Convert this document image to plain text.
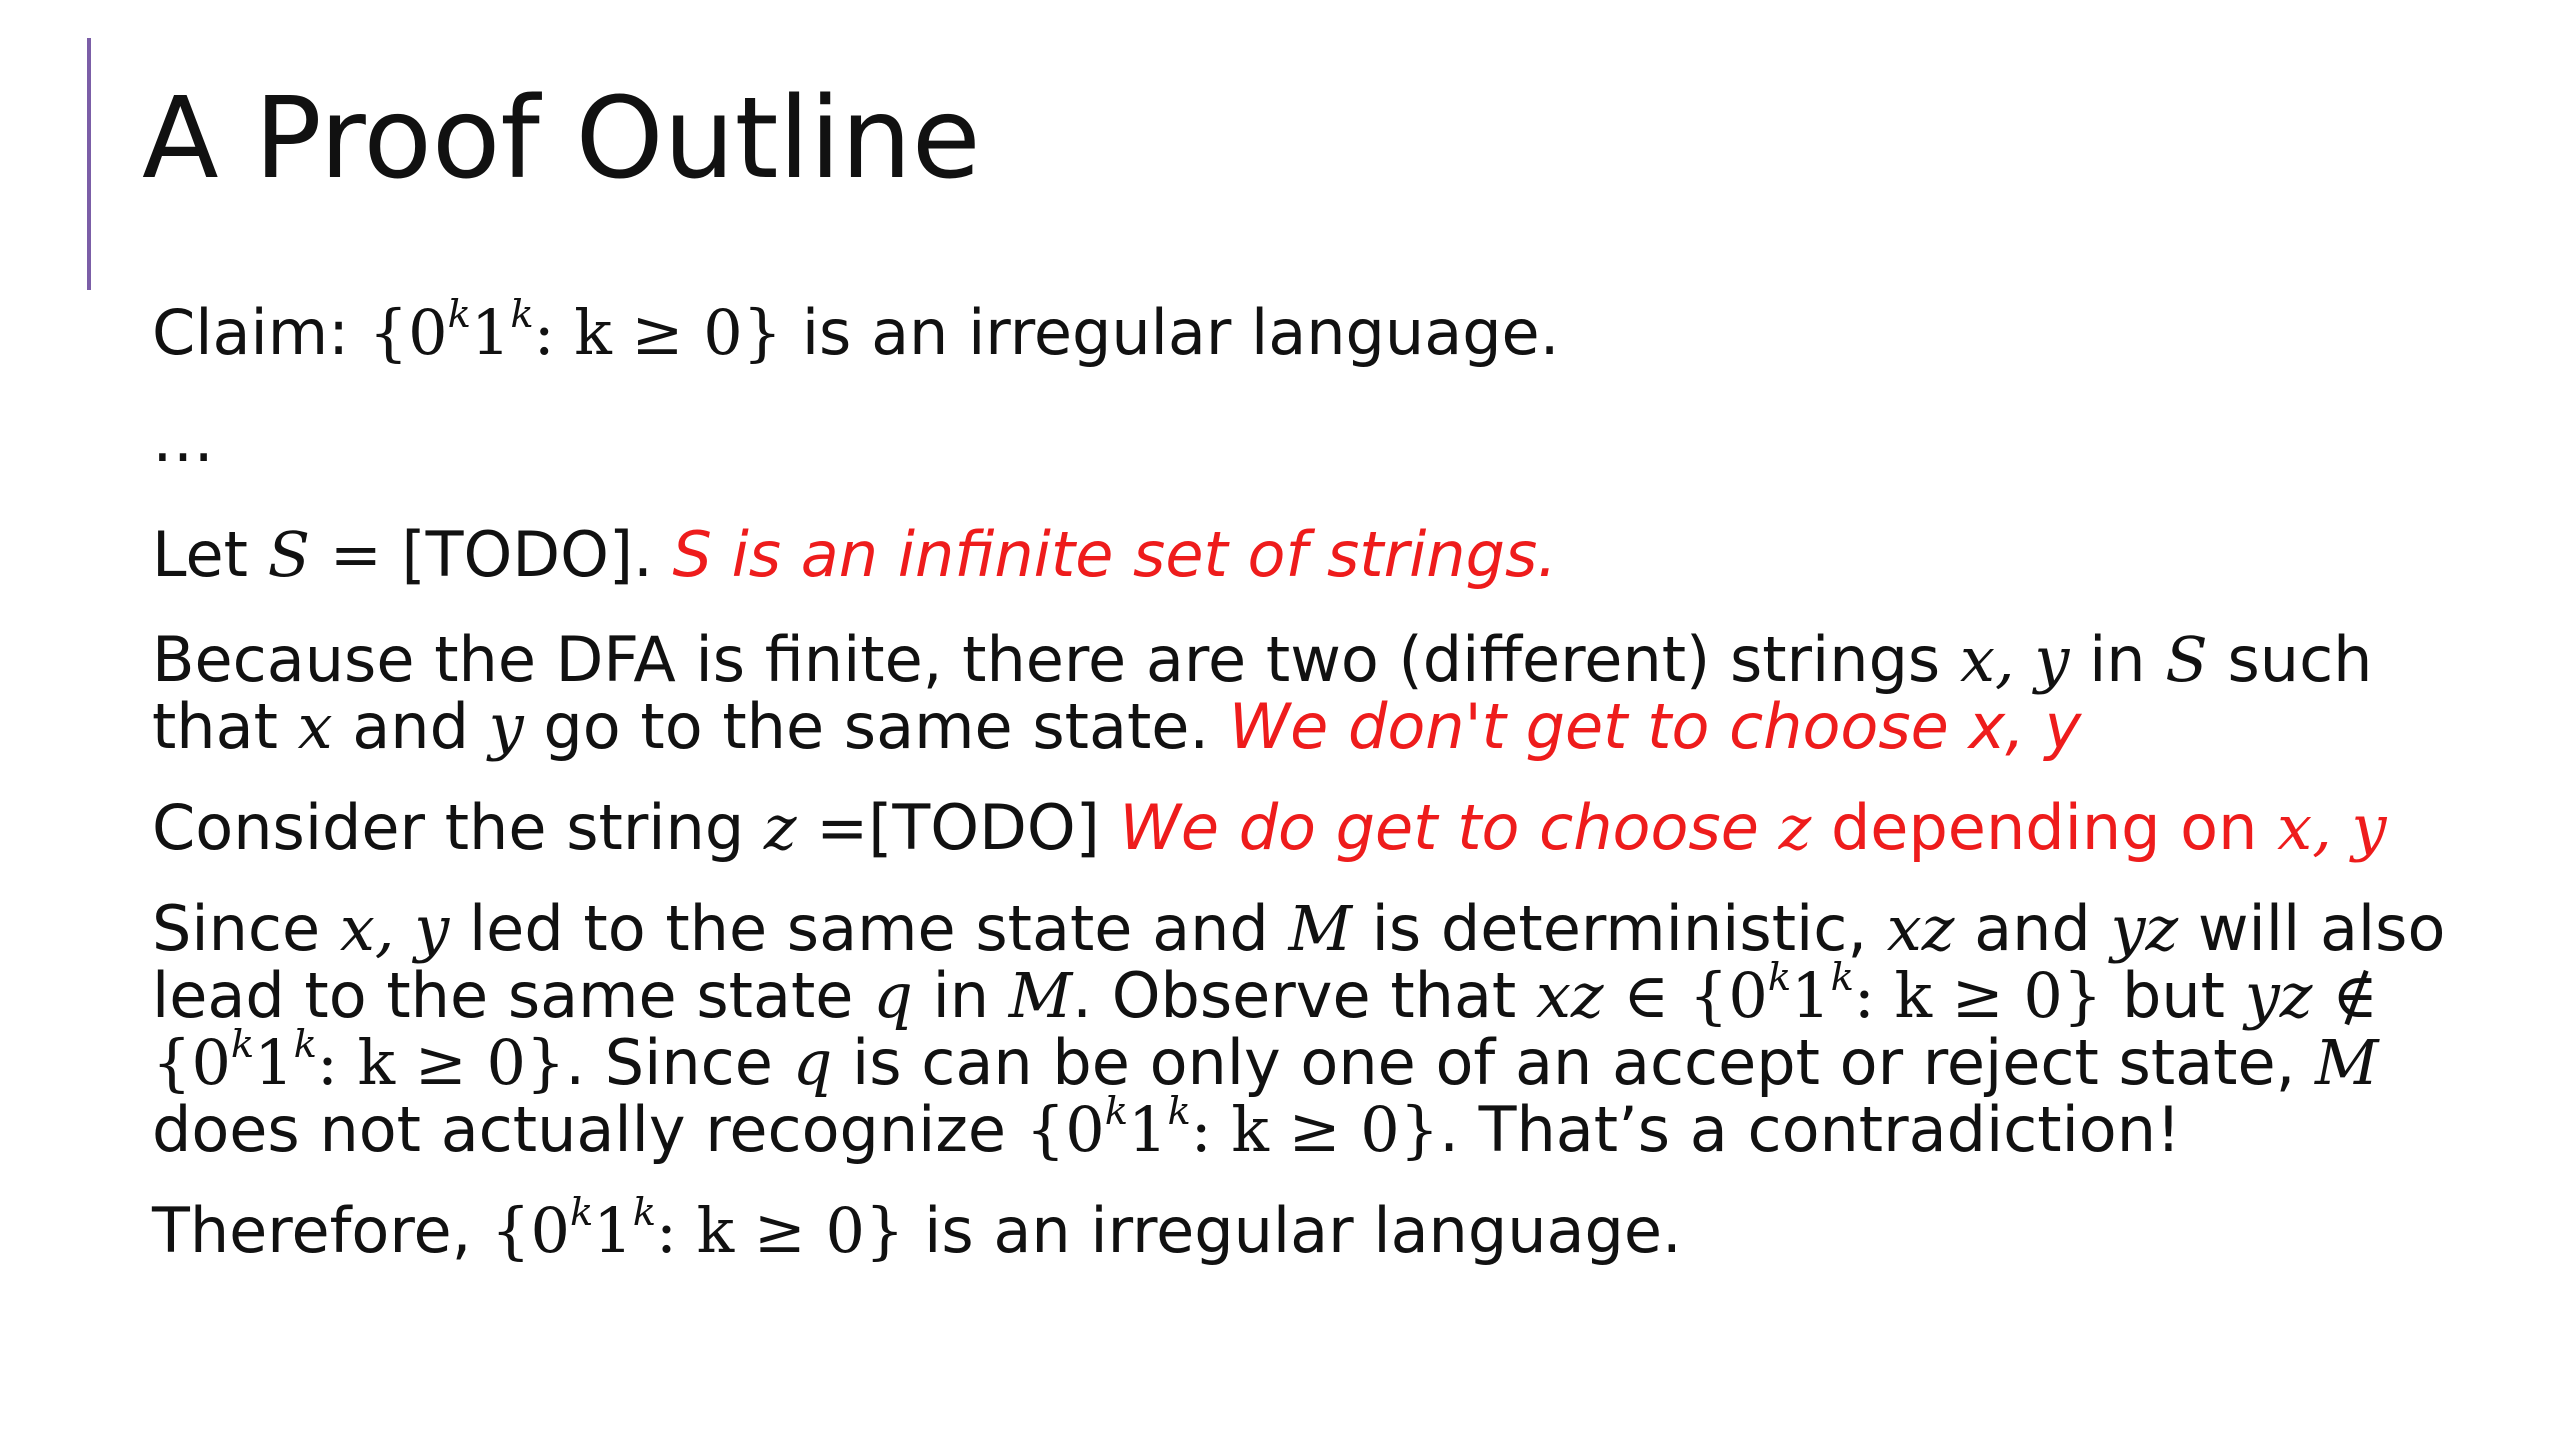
A Proof Outline

Claim: {0$^k$1$^k$: k ≥ 0} is an irregular language.

…

Let S = [TODO]. S is an infinite set of strings.

Because the DFA is finite, there are two (different) strings x, y in S such that x and y go to the same state. We don't get to choose x, y

Consider the string z =[TODO] We do get to choose z depending on x, y

Since x, y led to the same state and M is deterministic, xz and yz will also lead to the same state q in M. Observe that xz ∈ {0$^k$1$^k$: k ≥ 0} but yz ∉ {0$^k$1$^k$: k ≥ 0}. Since q is can be only one of an accept or reject state, M does not actually recognize {0$^k$1$^k$: k ≥ 0}. That’s a contradiction!

Therefore, {0$^k$1$^k$: k ≥ 0} is an irregular language.
